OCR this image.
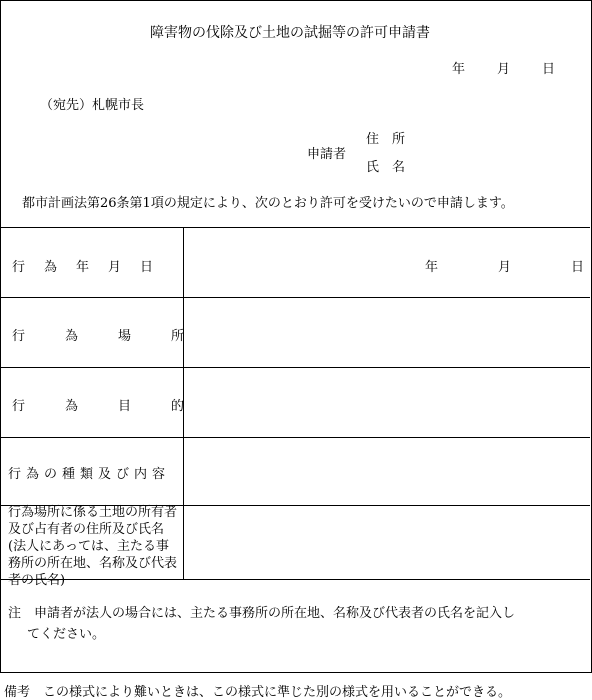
障害物の伐除及び土地の試掘等の許可申請書
年 月 日
（宛先）札幌市長
申請者
住　所
氏　名
都市計画法第26条第1項の規定により、次のとおり許可を受けたいので申請します。
行為年月日	年	月	日
行為場所
行為目的
行為の種類及び内容
行為場所に係る土地の所有者及び占有者の住所及び氏名(法人にあっては、主たる事務所の所在地、名称及び代表者の氏名)
注　申請者が法人の場合には、主たる事務所の所在地、名称及び代表者の氏名を記入し
てください。
備考　この様式により難いときは、この様式に準じた別の様式を用いることができる。
